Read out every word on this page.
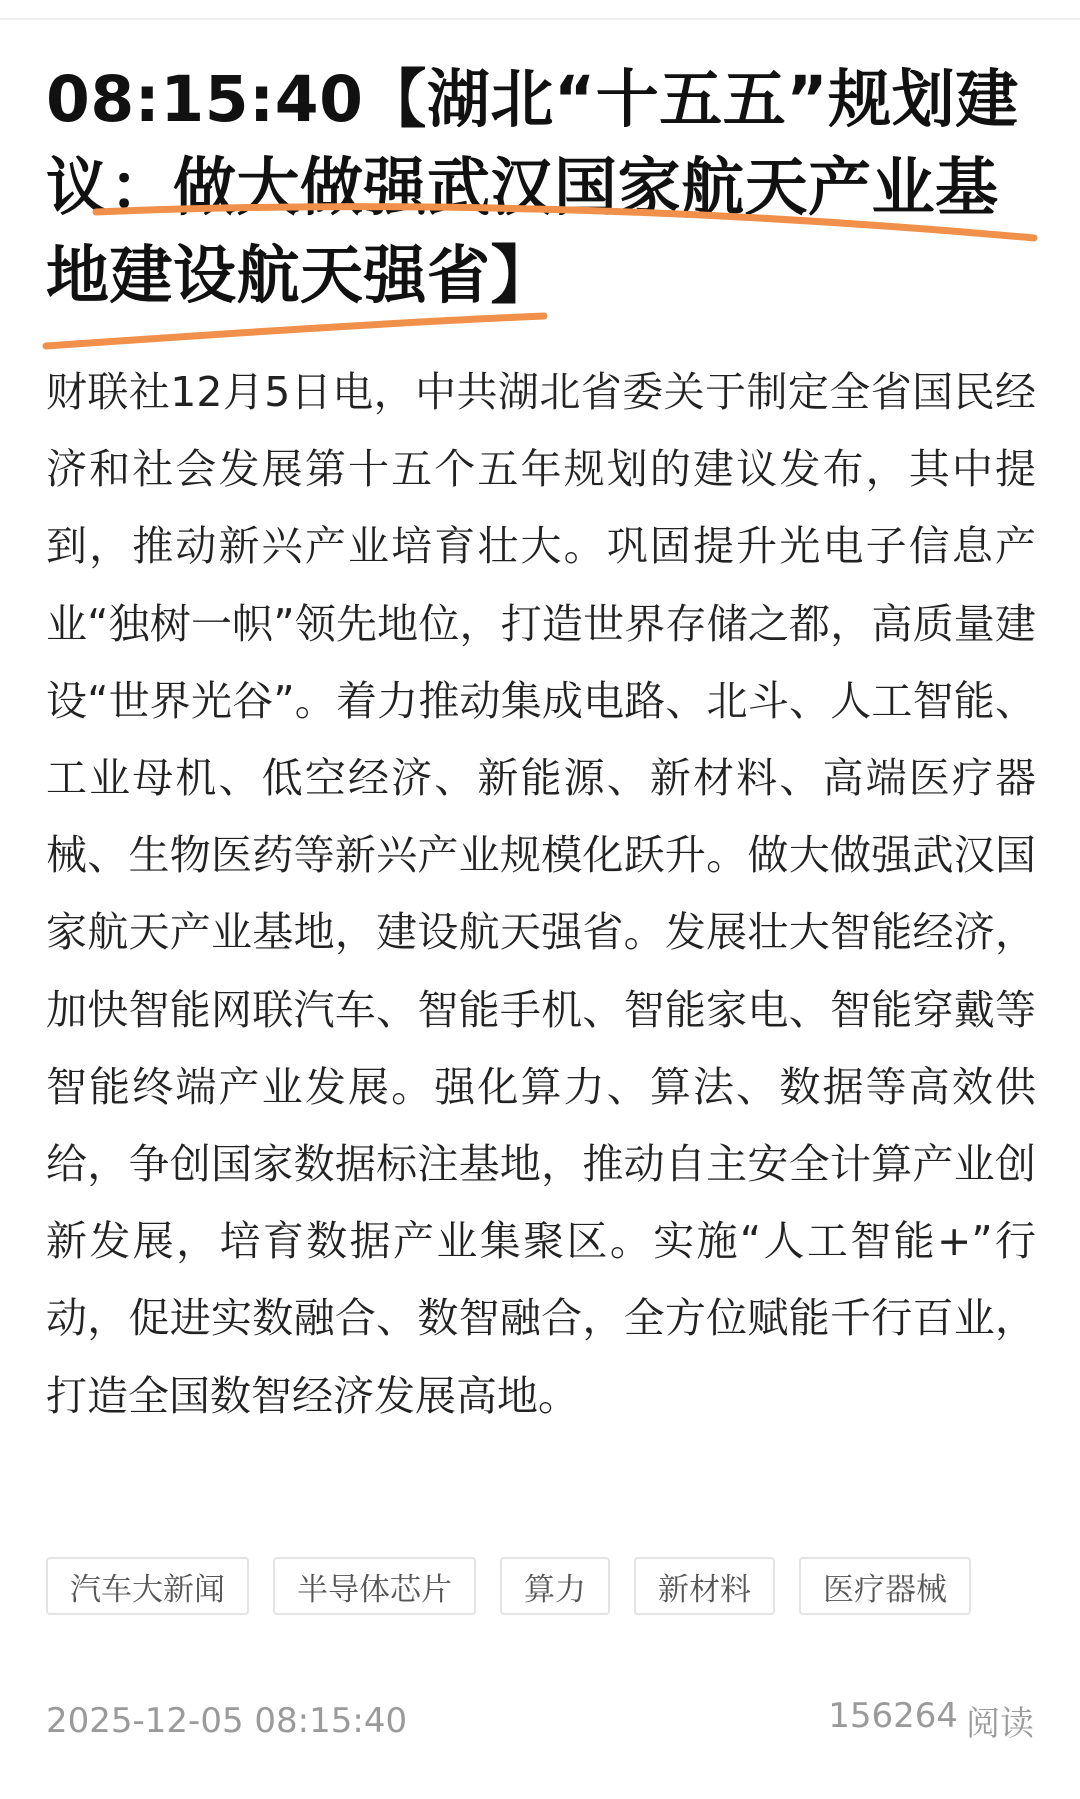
08:15:40【湖北“十五五”规划建议：做大做强武汉国家航天产业基地建设航天强省】

财联社12月5日电，中共湖北省委关于制定全省国民经济和社会发展第十五个五年规划的建议发布，其中提到，推动新兴产业培育壮大。巩固提升光电子信息产业“独树一帜”领先地位，打造世界存储之都，高质量建设“世界光谷”。着力推动集成电路、北斗、人工智能、工业母机、低空经济、新能源、新材料、高端医疗器械、生物医药等新兴产业规模化跃升。做大做强武汉国家航天产业基地，建设航天强省。发展壮大智能经济，加快智能网联汽车、智能手机、智能家电、智能穿戴等智能终端产业发展。强化算力、算法、数据等高效供给，争创国家数据标注基地，推动自主安全计算产业创新发展，培育数据产业集聚区。实施“人工智能+”行动，促进实数融合、数智融合，全方位赋能千行百业，打造全国数智经济发展高地。

汽车大新闻	半导体芯片	算力	新材料	医疗器械
2025-12-05 08:15:40	156264 阅读
